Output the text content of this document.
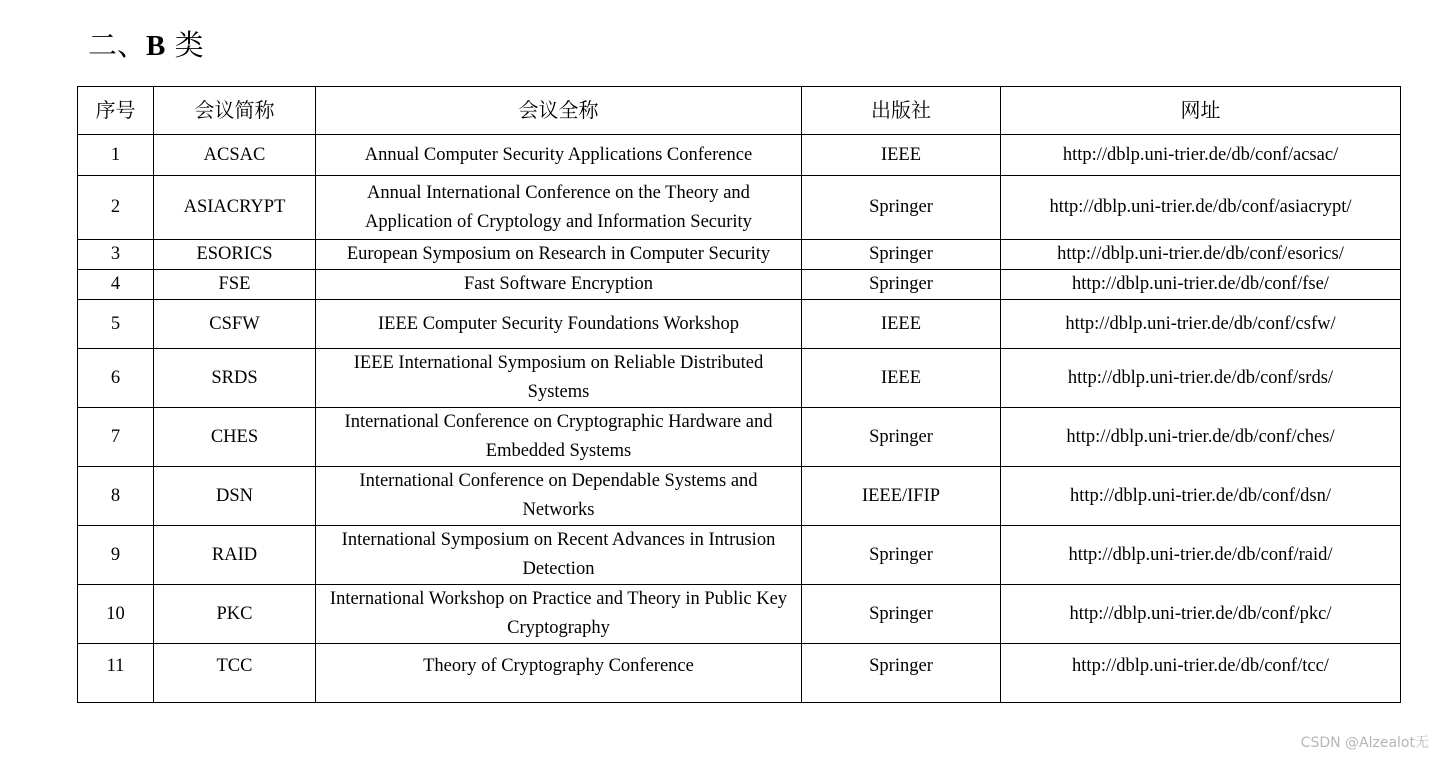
二、B 类
序号	会议简称	会议全称	出版社	网址
1	ACSAC	Annual Computer Security Applications Conference	IEEE	http://dblp.uni-trier.de/db/conf/acsac/
2	ASIACRYPT	Annual International Conference on the Theory and Application of Cryptology and Information Security	Springer	http://dblp.uni-trier.de/db/conf/asiacrypt/
3	ESORICS	European Symposium on Research in Computer Security	Springer	http://dblp.uni-trier.de/db/conf/esorics/
4	FSE	Fast Software Encryption	Springer	http://dblp.uni-trier.de/db/conf/fse/
5	CSFW	IEEE Computer Security Foundations Workshop	IEEE	http://dblp.uni-trier.de/db/conf/csfw/
6	SRDS	IEEE International Symposium on Reliable Distributed Systems	IEEE	http://dblp.uni-trier.de/db/conf/srds/
7	CHES	International Conference on Cryptographic Hardware and Embedded Systems	Springer	http://dblp.uni-trier.de/db/conf/ches/
8	DSN	International Conference on Dependable Systems and Networks	IEEE/IFIP	http://dblp.uni-trier.de/db/conf/dsn/
9	RAID	International Symposium on Recent Advances in Intrusion Detection	Springer	http://dblp.uni-trier.de/db/conf/raid/
10	PKC	International Workshop on Practice and Theory in Public Key Cryptography	Springer	http://dblp.uni-trier.de/db/conf/pkc/
11	TCC	Theory of Cryptography Conference	Springer	http://dblp.uni-trier.de/db/conf/tcc/
CSDN @Alzealot无
